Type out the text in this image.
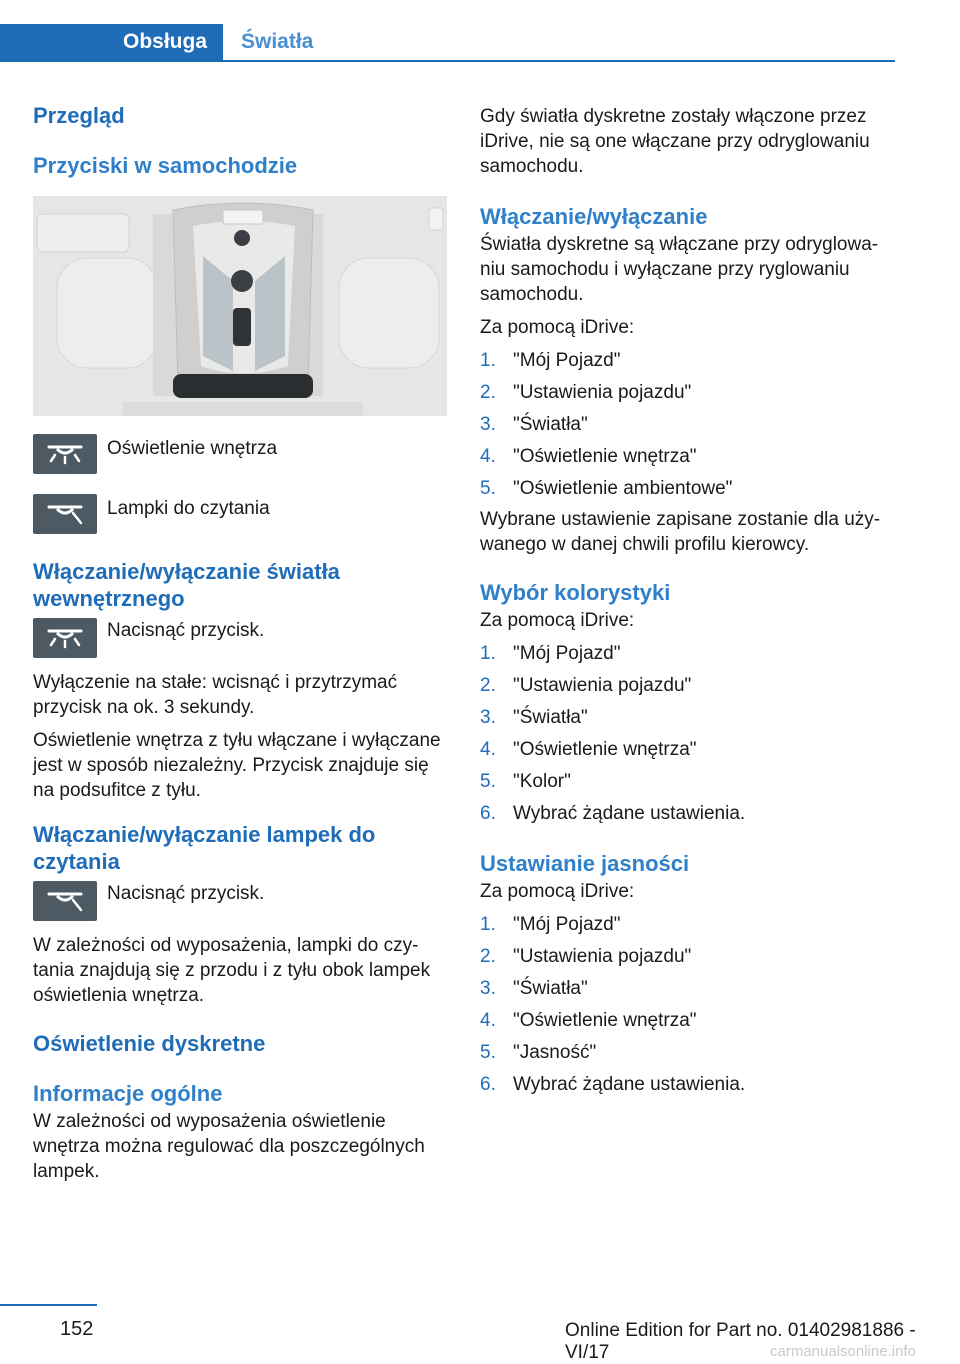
Obsługa Światła
Przegląd
Przyciski w samochodzie

Oświetlenie wnętrza

Lampki do czytania

Włączanie/wyłączanie światła wewnętrznego

Nacisnąć przycisk.

Wyłączenie na stałe: wcisnąć i przytrzymać przycisk na ok. 3 sekundy.

Oświetlenie wnętrza z tyłu włączane i wyłączane jest w sposób niezależny. Przycisk znajduje się na podsufitce z tyłu.

Włączanie/wyłączanie lampek do czytania

Nacisnąć przycisk.

W zależności od wyposażenia, lampki do czytania znajdują się z przodu i z tyłu obok lampek oświetlenia wnętrza.

Oświetlenie dyskretne
Informacje ogólne

W zależności od wyposażenia oświetlenie wnętrza można regulować dla poszczególnych lampek.

Gdy światła dyskretne zostały włączone przez iDrive, nie są one włączane przy odryglowaniu samochodu.

Włączanie/wyłączanie

Światła dyskretne są włączane przy odryglowaniu samochodu i wyłączane przy ryglowaniu samochodu.

Za pomocą iDrive:

1. "Mój Pojazd"
2. "Ustawienia pojazdu"
3. "Światła"
4. "Oświetlenie wnętrza"
5. "Oświetlenie ambientowe"

Wybrane ustawienie zapisane zostanie dla używanego w danej chwili profilu kierowcy.

Wybór kolorystyki

Za pomocą iDrive:

1. "Mój Pojazd"
2. "Ustawienia pojazdu"
3. "Światła"
4. "Oświetlenie wnętrza"
5. "Kolor"
6. Wybrać żądane ustawienia.
Ustawianie jasności

Za pomocą iDrive:

1. "Mój Pojazd"
2. "Ustawienia pojazdu"
3. "Światła"
4. "Oświetlenie wnętrza"
5. "Jasność"
6. Wybrać żądane ustawienia.
152	Online Edition for Part no. 01402981886 - VI/17	carmanualsonline.info
